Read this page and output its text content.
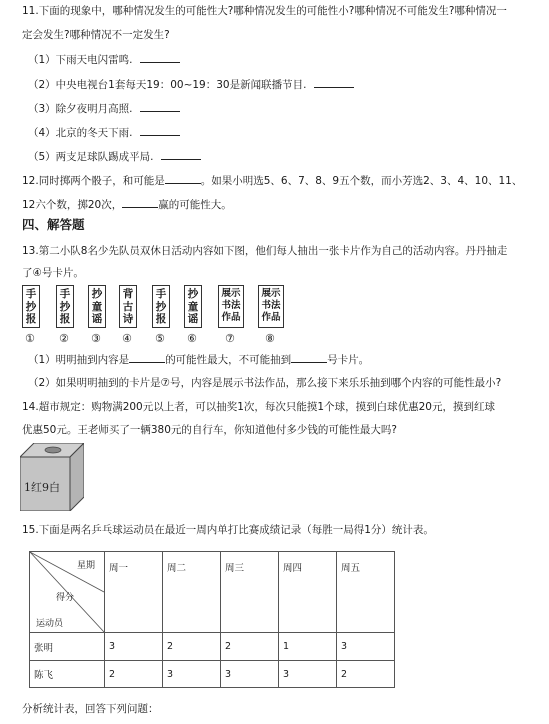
11.下面的现象中，哪种情况发生的可能性大?哪种情况发生的可能性小?哪种情况不可能发生?哪种情况一
定会发生?哪种情况不一定发生?
（1）下雨天电闪雷鸣.
（2）中央电视台1套每天19：00~19：30是新闻联播节目.
（3）除夕夜明月高照.
（4）北京的冬天下雨.
（5）两支足球队踢成平局.
12.同时掷两个骰子，和可能是	。如果小明选5、6、7、8、9五个数，而小芳选2、3、4、10、11、
12六个数，掷20次，	赢的可能性大。
四、解答题
13.第二小队8名少先队员双休日活动内容如下图，他们每人抽出一张卡片作为自己的活动内容。丹丹抽走
了④号卡片。
手
抄
报
手
抄
报
抄
童
谣
背
古
诗
手
抄
报
抄
童
谣
展示
书法
作品
展示
书法
作品
① ② ③ ④ ⑤ ⑥	⑦	⑧
（1）明明抽到内容是	的可能性最大，不可能抽到	号卡片。
（2）如果明明抽到的卡片是⑦号，内容是展示书法作品，那么接下来乐乐抽到哪个内容的可能性最小?
14.超市规定：购物满200元以上者，可以抽奖1次，每次只能摸1个球，摸到白球优惠20元，摸到红球
优惠50元。王老师买了一辆380元的自行车，你知道他付多少钱的可能性最大吗?
1红9白
15.下面是两名乒乓球运动员在最近一周内单打比赛成绩记录（每胜一局得1分）统计表。
星期
得分
运动员	周一	周二	周三	周四	周五
张明	3	2	2	1	3
陈飞	2	3	3	3	2
分析统计表，回答下列问题：
